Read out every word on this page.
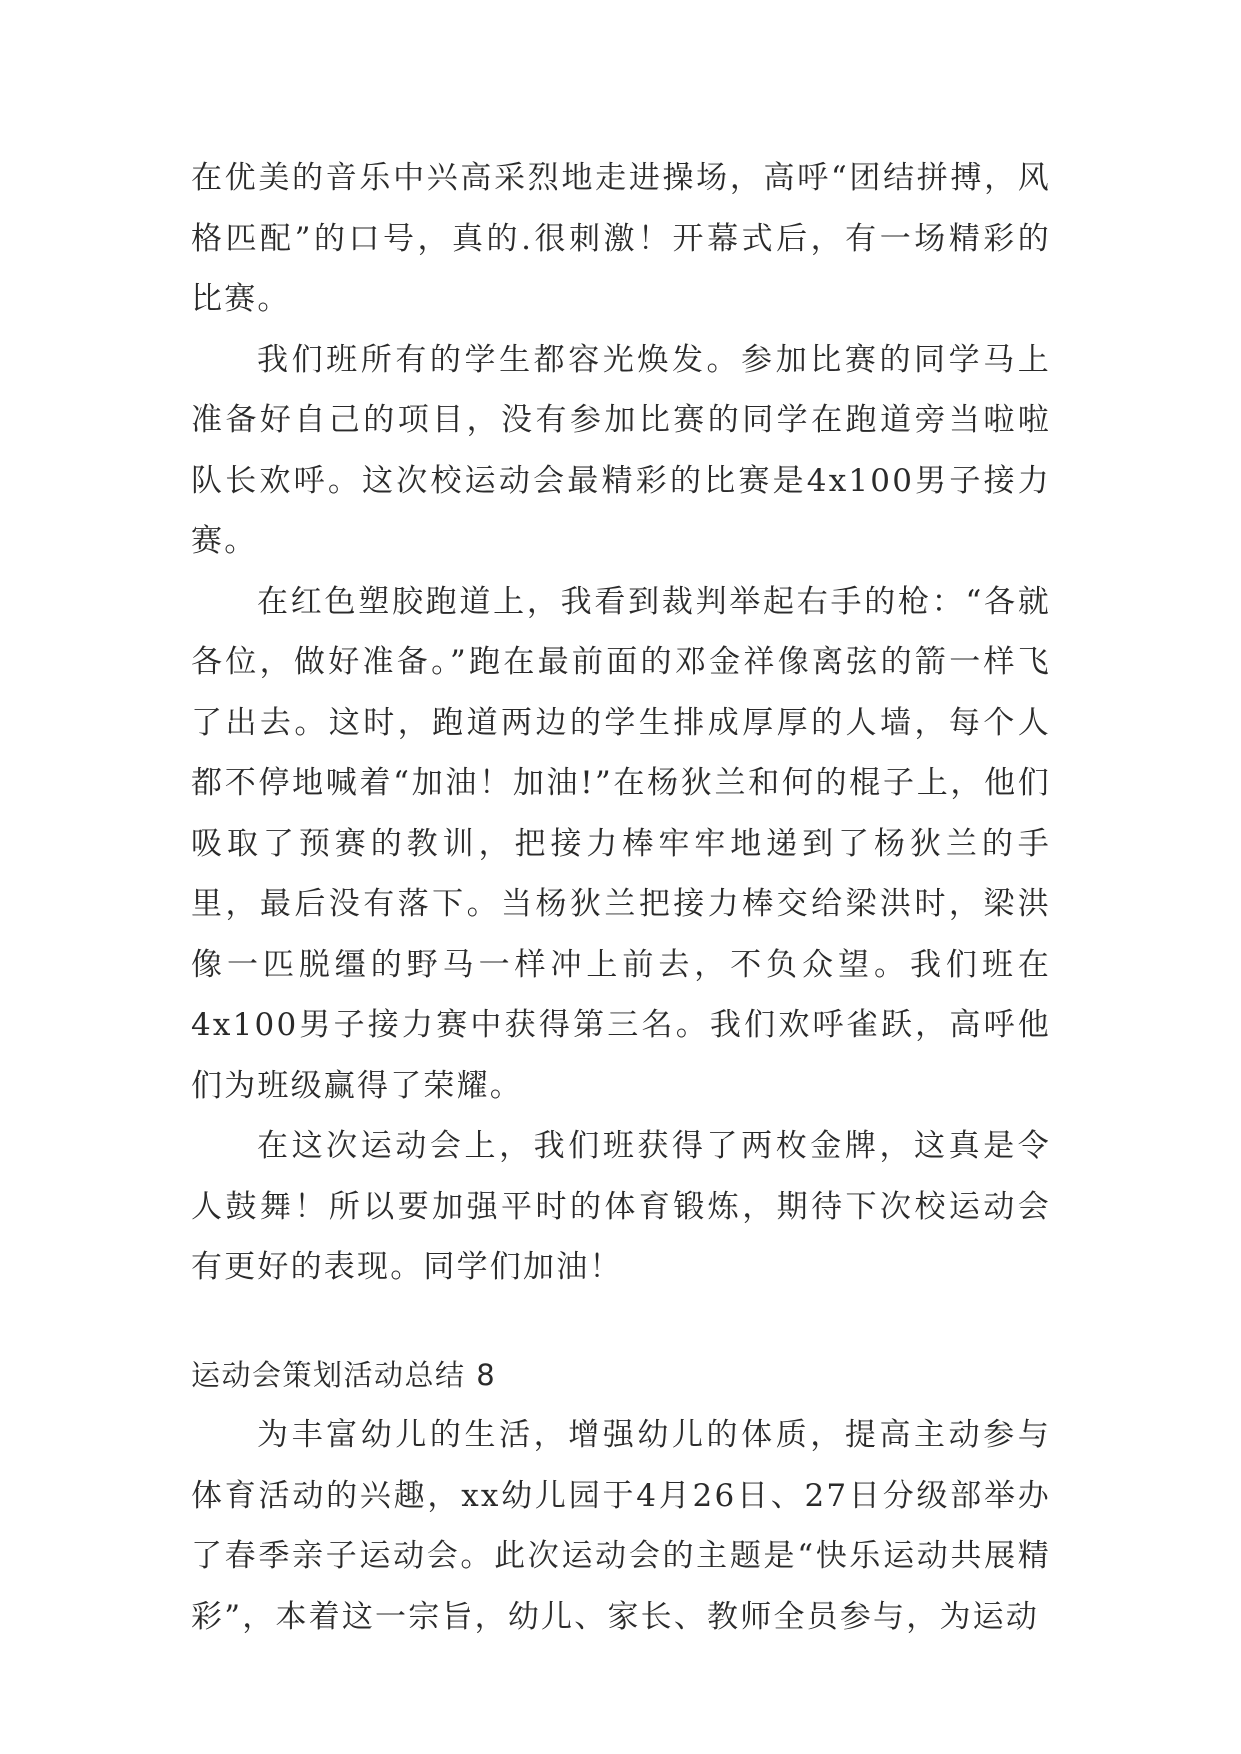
在优美的音乐中兴高采烈地走进操场，高呼“团结拼搏，风格匹配”的口号，真的.很刺激！开幕式后，有一场精彩的比赛。

我们班所有的学生都容光焕发。参加比赛的同学马上准备好自己的项目，没有参加比赛的同学在跑道旁当啦啦队长欢呼。这次校运动会最精彩的比赛是4x100男子接力赛。

在红色塑胶跑道上，我看到裁判举起右手的枪：“各就各位，做好准备。”跑在最前面的邓金祥像离弦的箭一样飞了出去。这时，跑道两边的学生排成厚厚的人墙，每个人都不停地喊着“加油！加油!”在杨狄兰和何的棍子上，他们吸取了预赛的教训，把接力棒牢牢地递到了杨狄兰的手里，最后没有落下。当杨狄兰把接力棒交给梁洪时，梁洪像一匹脱缰的野马一样冲上前去，不负众望。我们班在4x100男子接力赛中获得第三名。我们欢呼雀跃，高呼他们为班级赢得了荣耀。

在这次运动会上，我们班获得了两枚金牌，这真是令人鼓舞！所以要加强平时的体育锻炼，期待下次校运动会有更好的表现。同学们加油！

运动会策划活动总结 8

为丰富幼儿的生活，增强幼儿的体质，提高主动参与体育活动的兴趣，xx幼儿园于4月26日、27日分级部举办了春季亲子运动会。此次运动会的主题是“快乐运动共展精彩”，本着这一宗旨，幼儿、家长、教师全员参与，为运动
